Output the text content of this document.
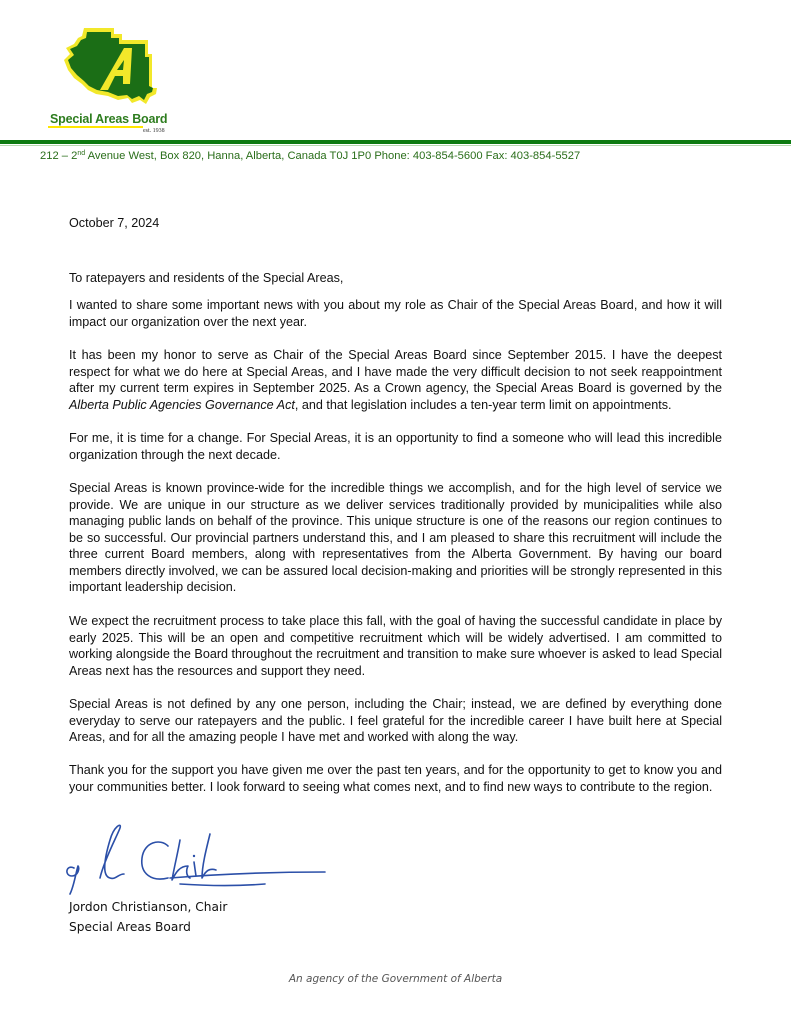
Special Areas Board
est. 1938
212 – 2nd Avenue West, Box 820, Hanna, Alberta, Canada T0J 1P0 Phone: 403-854-5600 Fax: 403-854-5527
October 7, 2024
To ratepayers and residents of the Special Areas,

I wanted to share some important news with you about my role as Chair of the Special Areas Board, and how it will impact our organization over the next year.

It has been my honor to serve as Chair of the Special Areas Board since September 2015. I have the deepest respect for what we do here at Special Areas, and I have made the very difficult decision to not seek reappointment after my current term expires in September 2025. As a Crown agency, the Special Areas Board is governed by the Alberta Public Agencies Governance Act, and that legislation includes a ten-year term limit on appointments.

For me, it is time for a change. For Special Areas, it is an opportunity to find a someone who will lead this incredible organization through the next decade.

Special Areas is known province-wide for the incredible things we accomplish, and for the high level of service we provide. We are unique in our structure as we deliver services traditionally provided by municipalities while also managing public lands on behalf of the province. This unique structure is one of the reasons our region continues to be so successful. Our provincial partners understand this, and I am pleased to share this recruitment will include the three current Board members, along with representatives from the Alberta Government. By having our board members directly involved, we can be assured local decision-making and priorities will be strongly represented in this important leadership decision.

We expect the recruitment process to take place this fall, with the goal of having the successful candidate in place by early 2025. This will be an open and competitive recruitment which will be widely advertised. I am committed to working alongside the Board throughout the recruitment and transition to make sure whoever is asked to lead Special Areas next has the resources and support they need.

Special Areas is not defined by any one person, including the Chair; instead, we are defined by everything done everyday to serve our ratepayers and the public. I feel grateful for the incredible career I have built here at Special Areas, and for all the amazing people I have met and worked with along the way.

Thank you for the support you have given me over the past ten years, and for the opportunity to get to know you and your communities better. I look forward to seeing what comes next, and to find new ways to contribute to the region.

Jordon Christianson, Chair
Special Areas Board
An agency of the Government of Alberta
